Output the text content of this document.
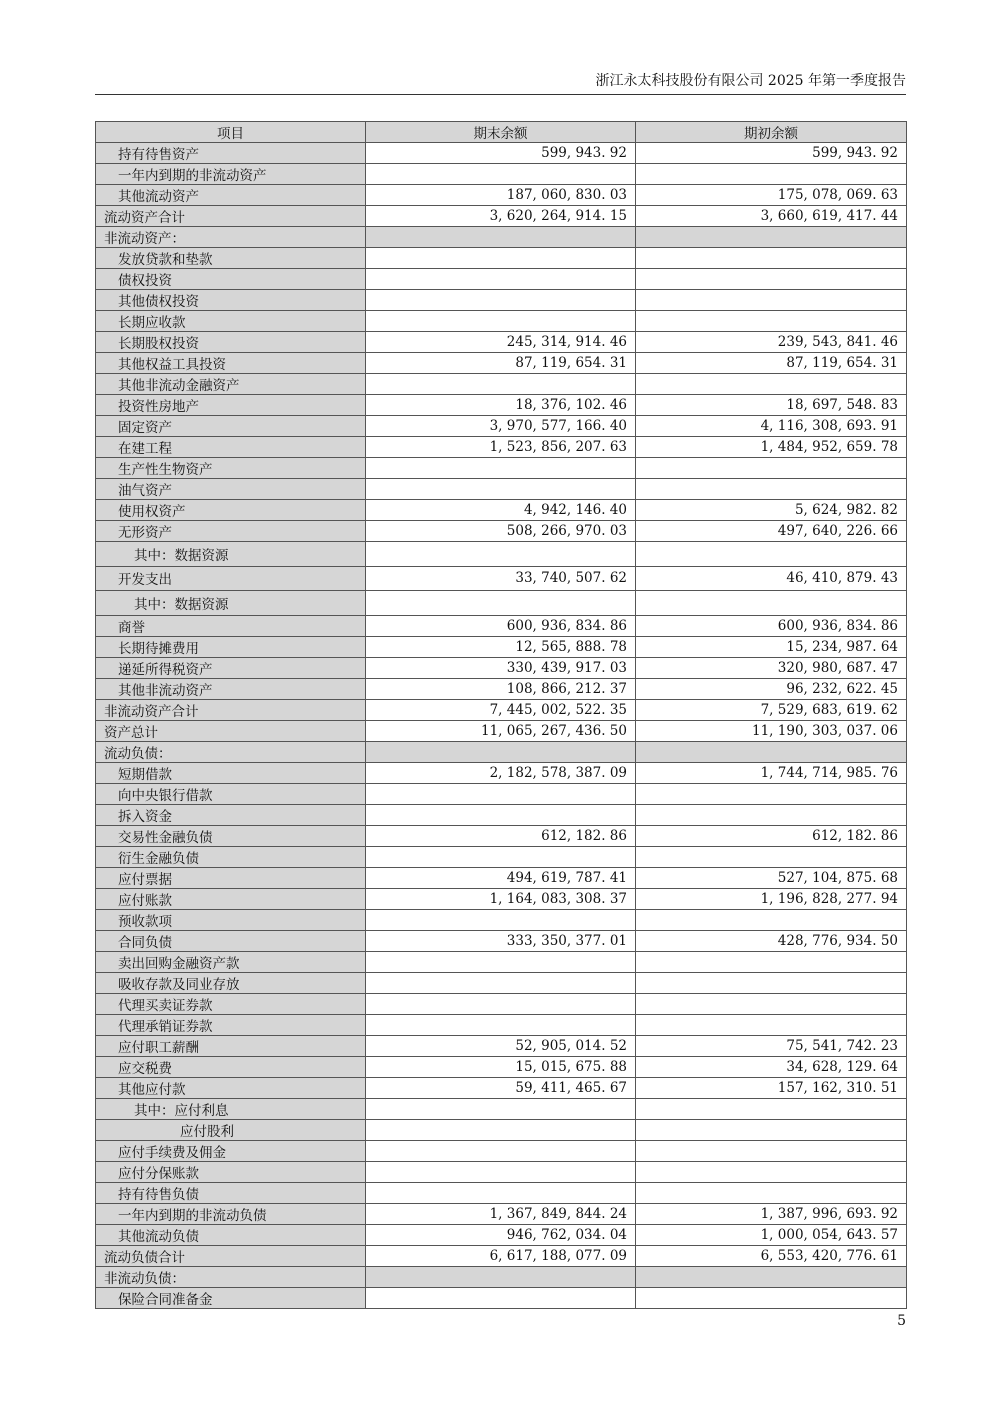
浙江永太科技股份有限公司 2025 年第一季度报告
项目	期末余额	期初余额
持有待售资产	599, 943. 92	599, 943. 92
一年内到期的非流动资产		
其他流动资产	187, 060, 830. 03	175, 078, 069. 63
流动资产合计	3, 620, 264, 914. 15	3, 660, 619, 417. 44
非流动资产：		
发放贷款和垫款		
债权投资		
其他债权投资		
长期应收款		
长期股权投资	245, 314, 914. 46	239, 543, 841. 46
其他权益工具投资	87, 119, 654. 31	87, 119, 654. 31
其他非流动金融资产		
投资性房地产	18, 376, 102. 46	18, 697, 548. 83
固定资产	3, 970, 577, 166. 40	4, 116, 308, 693. 91
在建工程	1, 523, 856, 207. 63	1, 484, 952, 659. 78
生产性生物资产		
油气资产		
使用权资产	4, 942, 146. 40	5, 624, 982. 82
无形资产	508, 266, 970. 03	497, 640, 226. 66
其中：数据资源		
开发支出	33, 740, 507. 62	46, 410, 879. 43
其中：数据资源		
商誉	600, 936, 834. 86	600, 936, 834. 86
长期待摊费用	12, 565, 888. 78	15, 234, 987. 64
递延所得税资产	330, 439, 917. 03	320, 980, 687. 47
其他非流动资产	108, 866, 212. 37	96, 232, 622. 45
非流动资产合计	7, 445, 002, 522. 35	7, 529, 683, 619. 62
资产总计	11, 065, 267, 436. 50	11, 190, 303, 037. 06
流动负债：		
短期借款	2, 182, 578, 387. 09	1, 744, 714, 985. 76
向中央银行借款		
拆入资金		
交易性金融负债	612, 182. 86	612, 182. 86
衍生金融负债		
应付票据	494, 619, 787. 41	527, 104, 875. 68
应付账款	1, 164, 083, 308. 37	1, 196, 828, 277. 94
预收款项		
合同负债	333, 350, 377. 01	428, 776, 934. 50
卖出回购金融资产款		
吸收存款及同业存放		
代理买卖证券款		
代理承销证券款		
应付职工薪酬	52, 905, 014. 52	75, 541, 742. 23
应交税费	15, 015, 675. 88	34, 628, 129. 64
其他应付款	59, 411, 465. 67	157, 162, 310. 51
其中：应付利息		
应付股利		
应付手续费及佣金		
应付分保账款		
持有待售负债		
一年内到期的非流动负债	1, 367, 849, 844. 24	1, 387, 996, 693. 92
其他流动负债	946, 762, 034. 04	1, 000, 054, 643. 57
流动负债合计	6, 617, 188, 077. 09	6, 553, 420, 776. 61
非流动负债：		
保险合同准备金		
5
